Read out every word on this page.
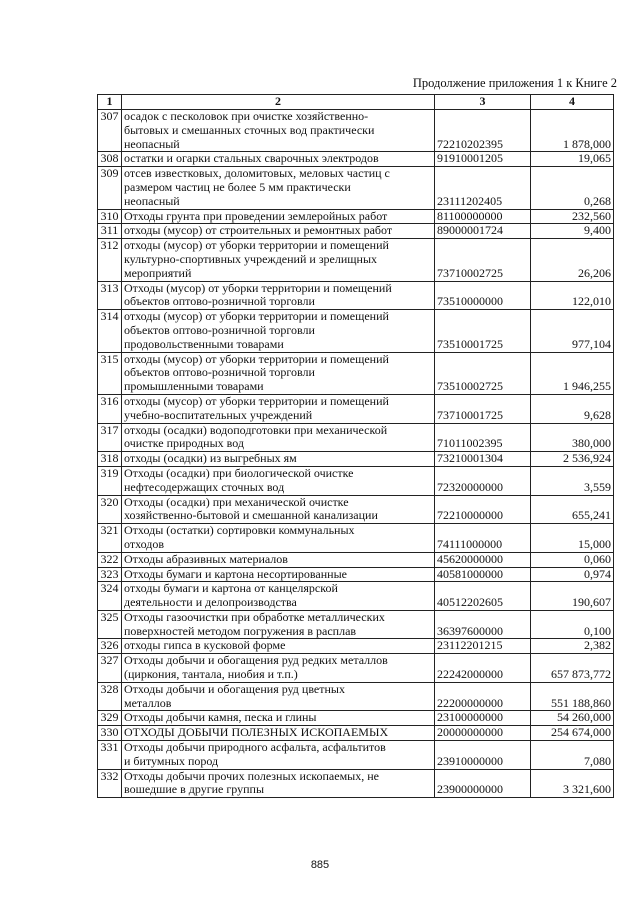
Продолжение приложения 1 к Книге 2
1	2	3	4
307	осадок с песколовок при очистке хозяйственно-
бытовых и смешанных сточных вод практически
неопасный	72210202395	1 878,000
308	остатки и огарки стальных сварочных электродов	91910001205	19,065
309	отсев известковых, доломитовых, меловых частиц с
размером частиц не более 5 мм практически
неопасный	23111202405	0,268
310	Отходы грунта при проведении землеройных работ	81100000000	232,560
311	отходы (мусор) от строительных и ремонтных работ	89000001724	9,400
312	отходы (мусор) от уборки территории и помещений
культурно-спортивных учреждений и зрелищных
мероприятий	73710002725	26,206
313	Отходы (мусор) от уборки территории и помещений
объектов оптово-розничной торговли	73510000000	122,010
314	отходы (мусор) от уборки территории и помещений
объектов оптово-розничной торговли
продовольственными товарами	73510001725	977,104
315	отходы (мусор) от уборки территории и помещений
объектов оптово-розничной торговли
промышленными товарами	73510002725	1 946,255
316	отходы (мусор) от уборки территории и помещений
учебно-воспитательных учреждений	73710001725	9,628
317	отходы (осадки) водоподготовки при механической
очистке природных вод	71011002395	380,000
318	отходы (осадки) из выгребных ям	73210001304	2 536,924
319	Отходы (осадки) при биологической очистке
нефтесодержащих сточных вод	72320000000	3,559
320	Отходы (осадки) при механической очистке
хозяйственно-бытовой и смешанной канализации	72210000000	655,241
321	Отходы (остатки) сортировки коммунальных
отходов	74111000000	15,000
322	Отходы абразивных материалов	45620000000	0,060
323	Отходы бумаги и картона несортированные	40581000000	0,974
324	отходы бумаги и картона от канцелярской
деятельности и делопроизводства	40512202605	190,607
325	Отходы газоочистки при обработке металлических
поверхностей методом погружения в расплав	36397600000	0,100
326	отходы гипса в кусковой форме	23112201215	2,382
327	Отходы добычи и обогащения руд редких металлов
(циркония, тантала, ниобия и т.п.)	22242000000	657 873,772
328	Отходы добычи и обогащения руд цветных
металлов	22200000000	551 188,860
329	Отходы добычи камня, песка и глины	23100000000	54 260,000
330	ОТХОДЫ ДОБЫЧИ ПОЛЕЗНЫХ ИСКОПАЕМЫХ	20000000000	254 674,000
331	Отходы добычи природного асфальта, асфальтитов
и битумных пород	23910000000	7,080
332	Отходы добычи прочих полезных ископаемых, не
вошедшие в другие группы	23900000000	3 321,600
885
